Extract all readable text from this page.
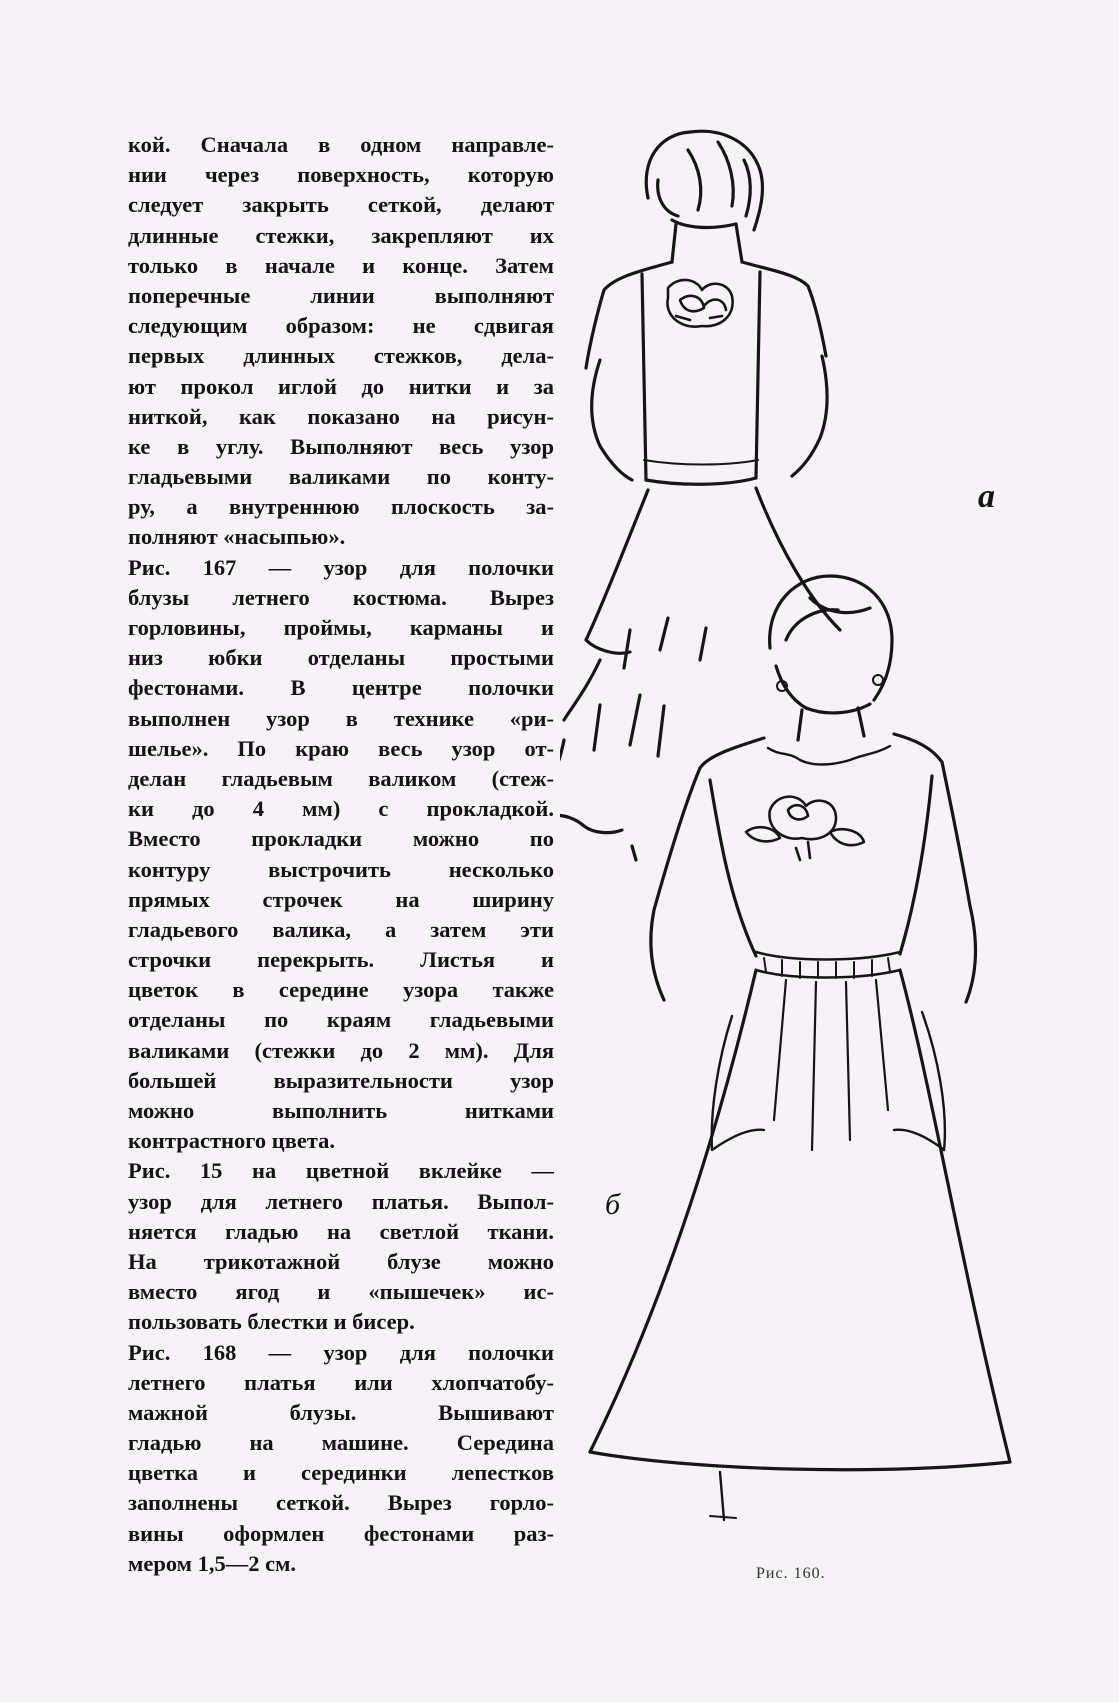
кой. Сначала в одном направле-
нии через поверхность, которую
следует закрыть сеткой, делают
длинные стежки, закрепляют их
только в начале и конце. Затем
поперечные линии выполняют
следующим образом: не сдвигая
первых длинных стежков, дела-
ют прокол иглой до нитки и за
ниткой, как показано на рисун-
ке в углу. Выполняют весь узор
гладьевыми валиками по конту-
ру, а внутреннюю плоскость за-
полняют «насыпью».
Рис. 167 — узор для полочки
блузы летнего костюма. Вырез
горловины, проймы, карманы и
низ юбки отделаны простыми
фестонами. В центре полочки
выполнен узор в технике «ри-
шелье». По краю весь узор от-
делан гладьевым валиком (стеж-
ки до 4 мм) с прокладкой.
Вместо прокладки можно по
контуру выстрочить несколько
прямых строчек на ширину
гладьевого валика, а затем эти
строчки перекрыть. Листья и
цветок в середине узора также
отделаны по краям гладьевыми
валиками (стежки до 2 мм). Для
большей выразительности узор
можно выполнить нитками
контрастного цвета.
Рис. 15 на цветной вклейке —
узор для летнего платья. Выпол-
няется гладью на светлой ткани.
На трикотажной блузе можно
вместо ягод и «пышечек» ис-
пользовать блестки и бисер.
Рис. 168 — узор для полочки
летнего платья или хлопчатобу-
мажной блузы. Вышивают
гладью на машине. Середина
цветка и серединки лепестков
заполнены сеткой. Вырез горло-
вины оформлен фестонами раз-
мером 1,5—2 см.
а
б
Рис. 160.
